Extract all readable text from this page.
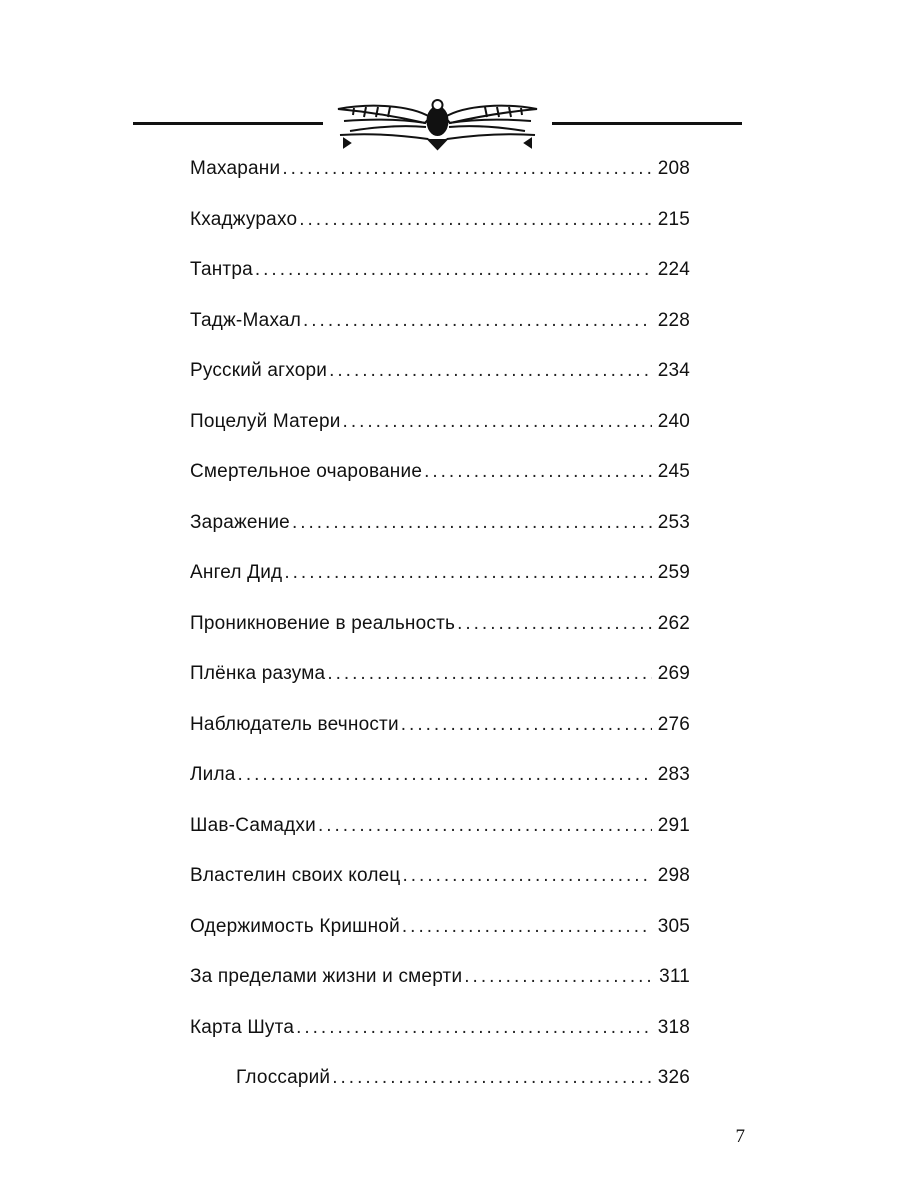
Махарани .....	208
Кхаджурахо .....	215
Тантра .....	224
Тадж-Махал .....	228
Русский агхори .....	234
Поцелуй Матери .....	240
Смертельное очарование .....	245
Заражение .....	253
Ангел Дид .....	259
Проникновение в реальность .....	262
Плёнка разума .....	269
Наблюдатель вечности .....	276
Лила .....	283
Шав-Самадхи .....	291
Властелин своих колец .....	298
Одержимость Кришной .....	305
За пределами жизни и смерти .....	311
Карта Шута .....	318
Глоссарий .....	326
7
